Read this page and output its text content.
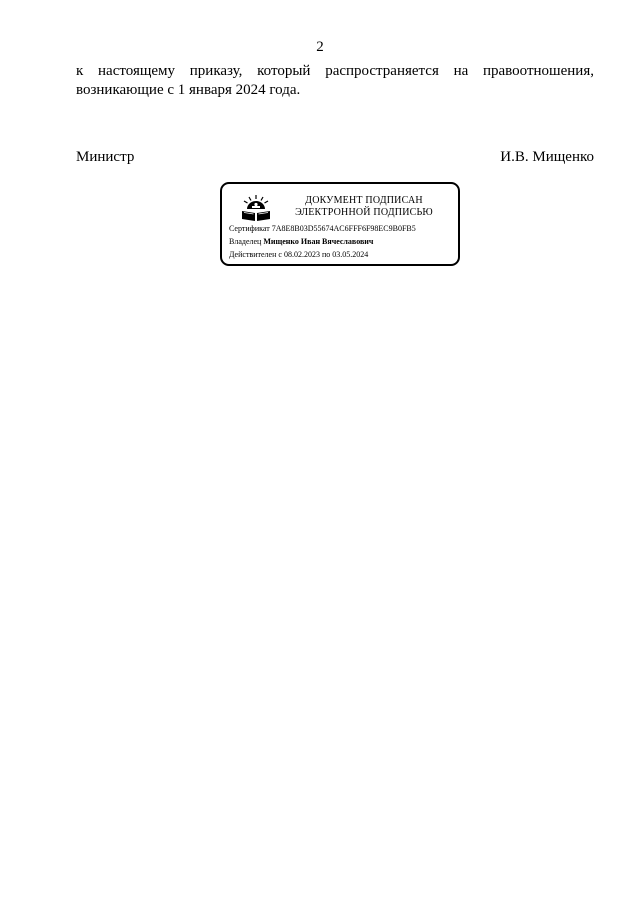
2
к настоящему приказу, который распространяется на правоотношения,
возникающие с 1 января 2024 года.
Министр	И.В. Мищенко
ДОКУМЕНТ ПОДПИСАН
ЭЛЕКТРОННОЙ ПОДПИСЬЮ
Сертификат 7A8E8B03D55674AC6FFF6F98EC9B0FB5
Владелец Мищенко Иван Вячеславович
Действителен с 08.02.2023 по 03.05.2024
